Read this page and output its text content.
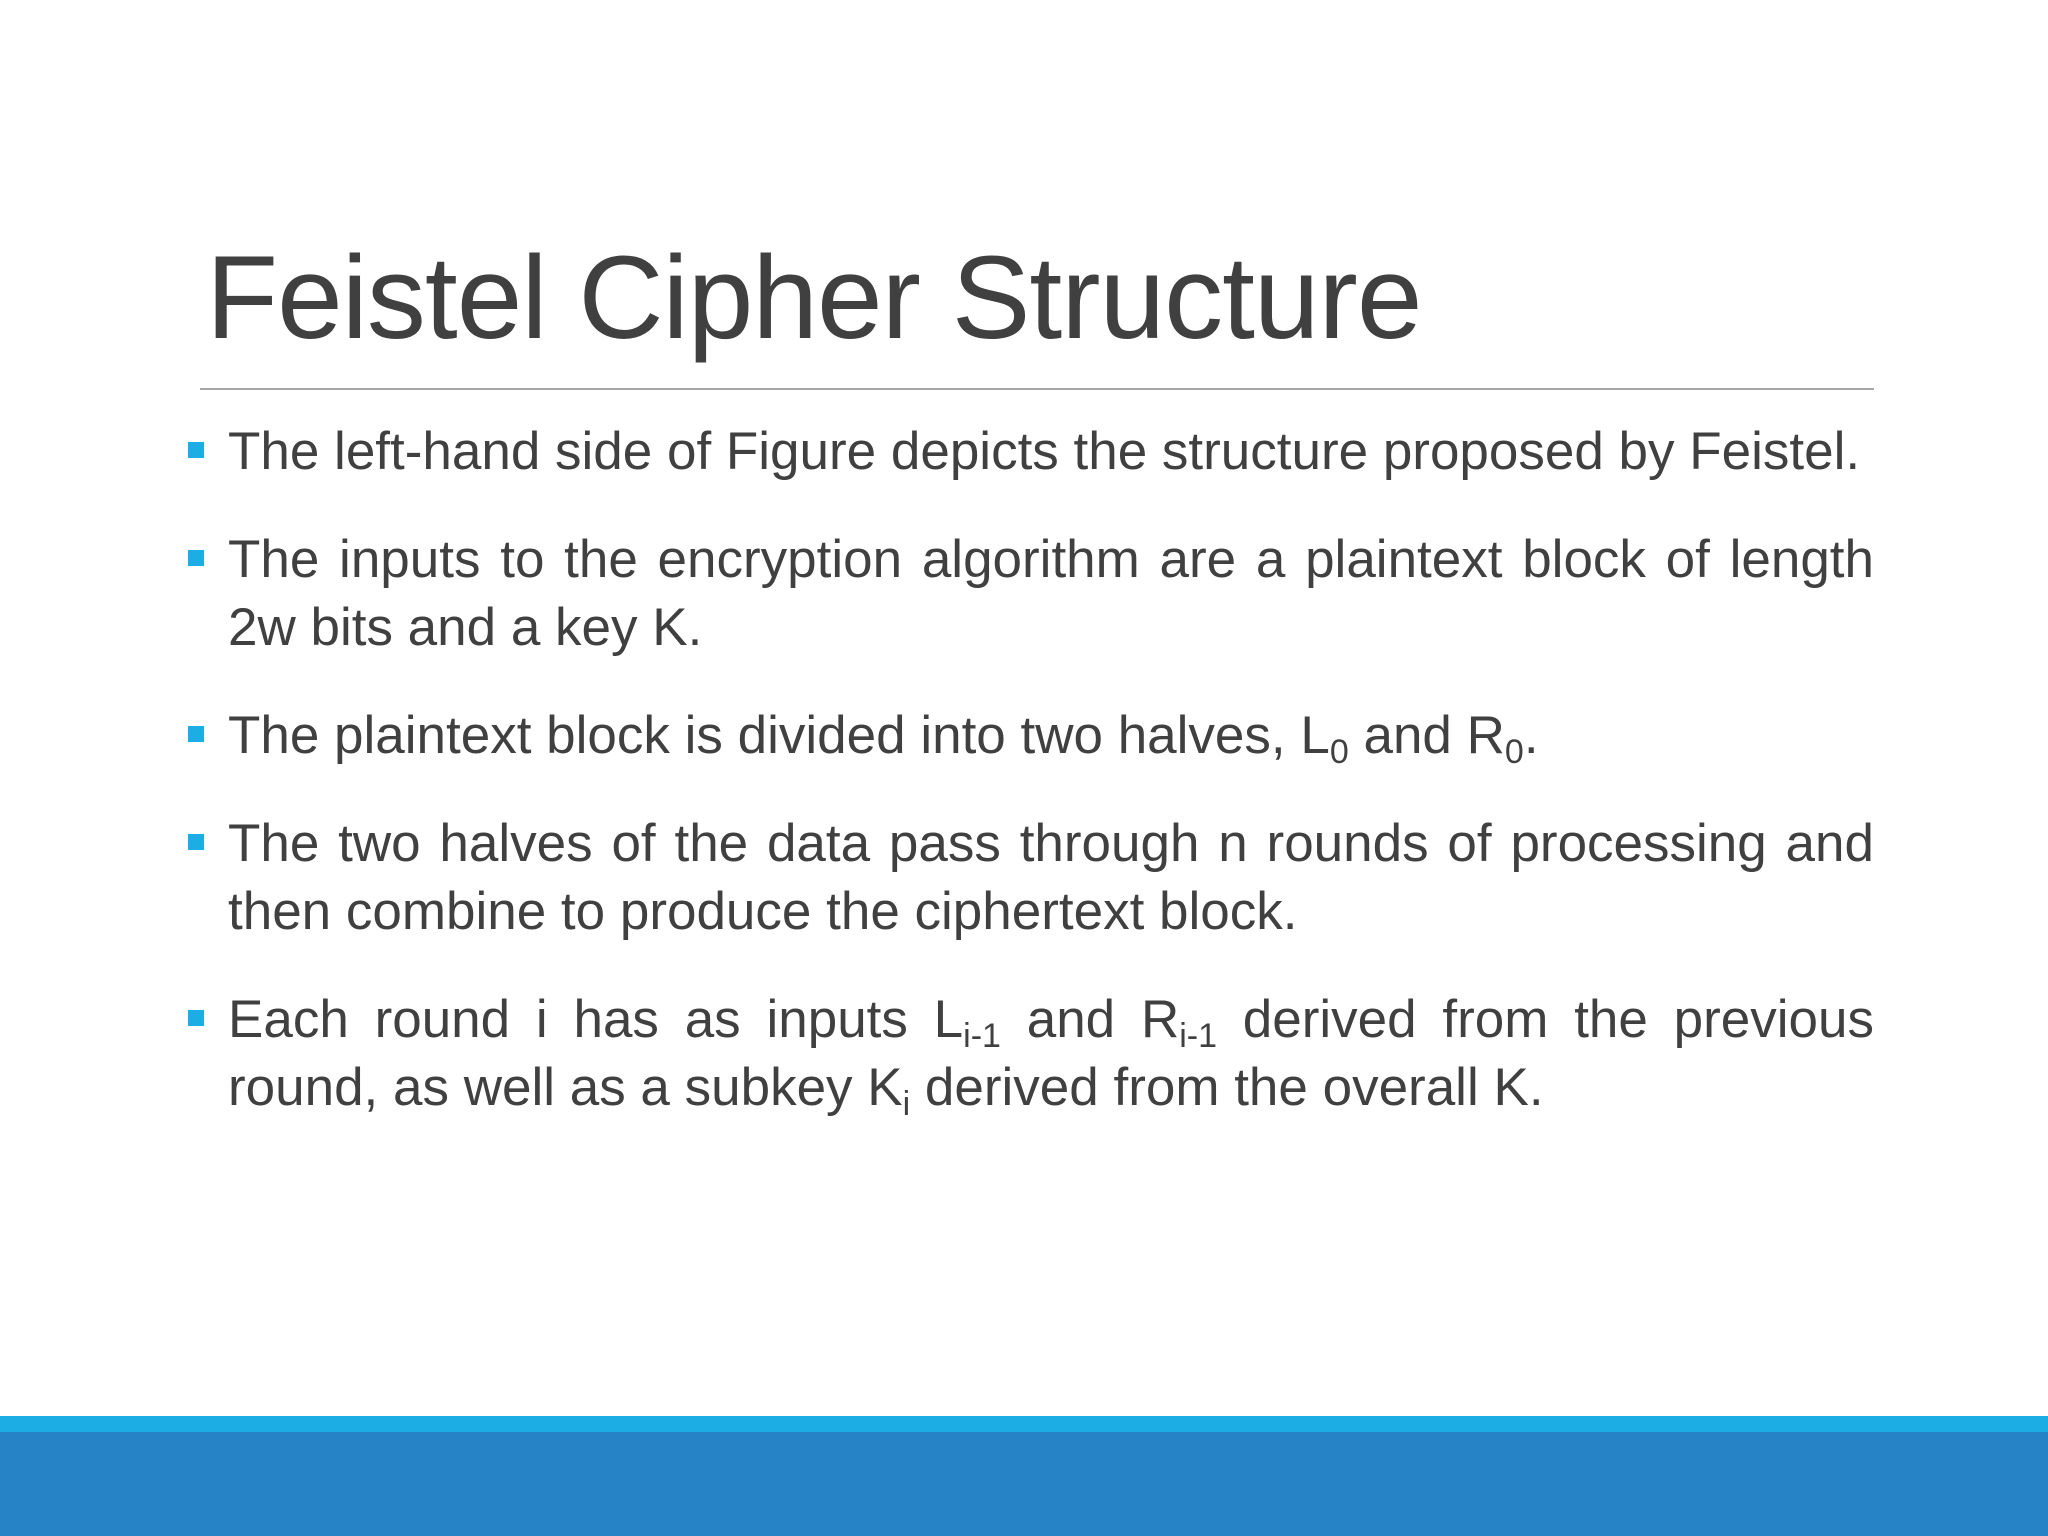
Feistel Cipher Structure
The left-hand side of Figure depicts the structure proposed by Feistel.
The inputs to the encryption algorithm are a plaintext block of length 2w bits and a key K.
The plaintext block is divided into two halves, $L_0$ and $R_0$.
The two halves of the data pass through n rounds of processing and then combine to produce the ciphertext block.
Each round i has as inputs $L_{i-1}$ and $R_{i-1}$ derived from the previous round, as well as a subkey $K_i$ derived from the overall K.
